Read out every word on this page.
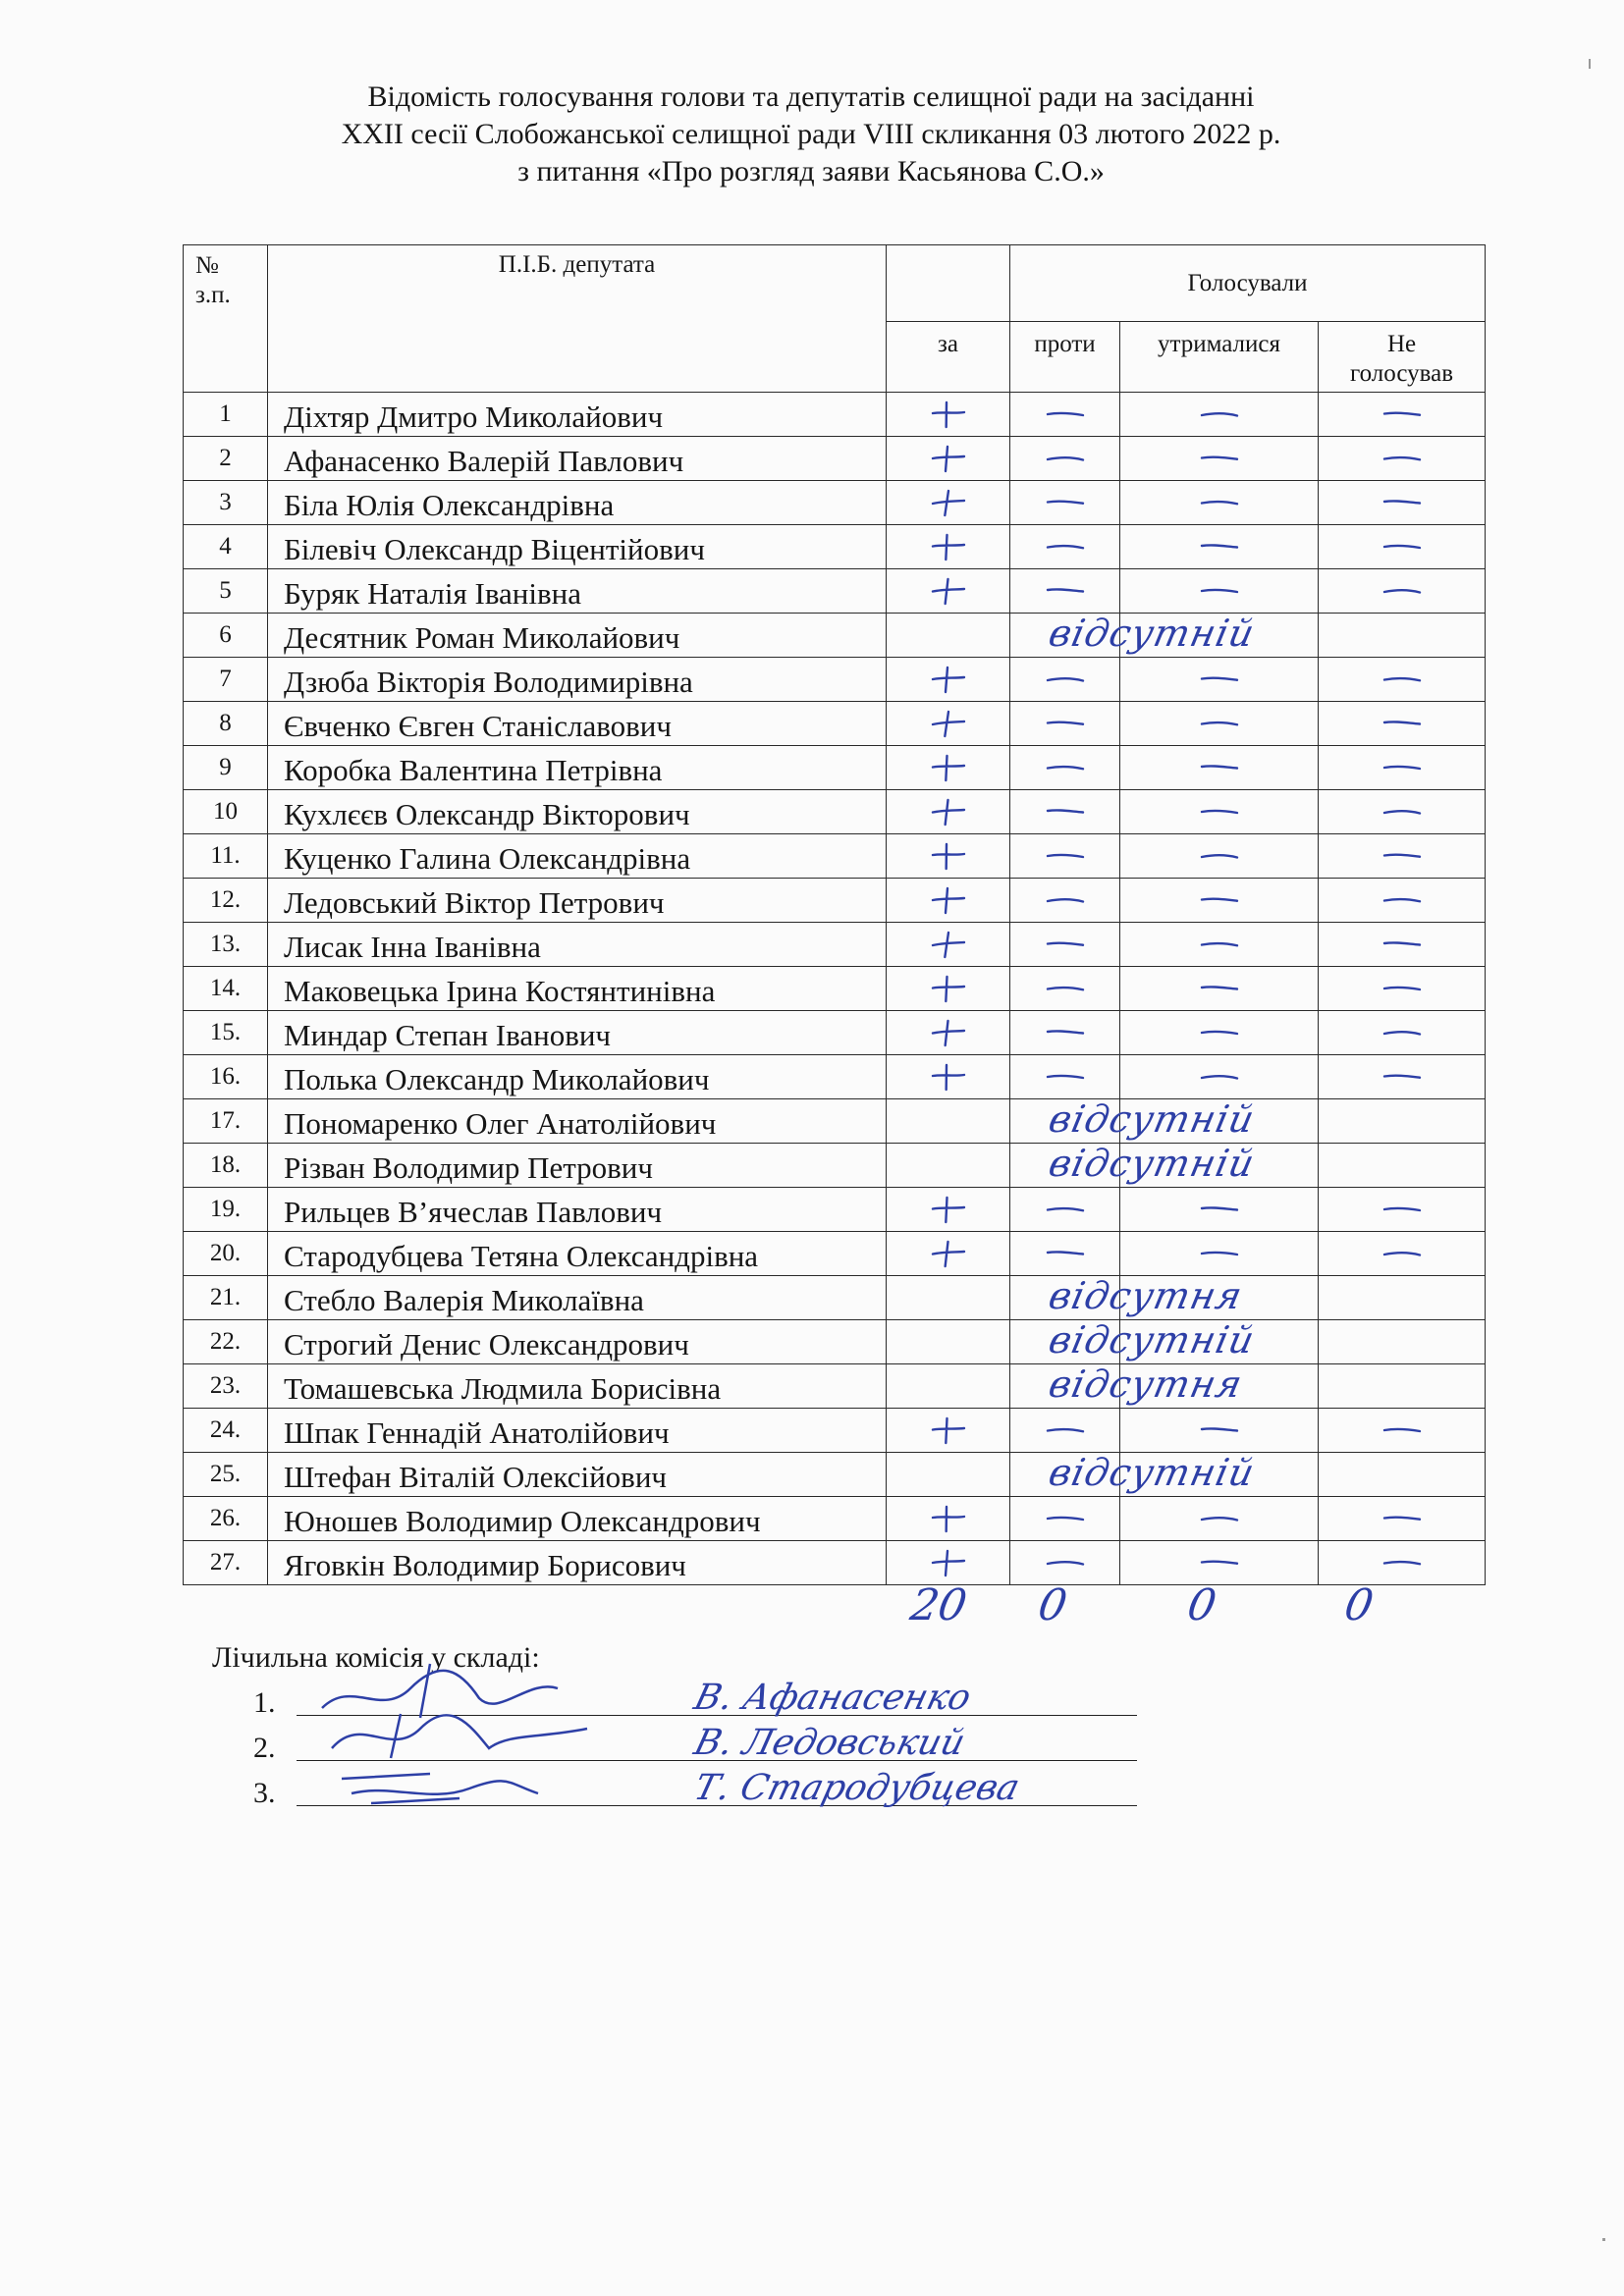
Відомість голосування голови та депутатів селищної ради на засіданні
XXII сесії Слобожанської селищної ради VIII скликання 03 лютого 2022 р.
з питання «Про розгляд заяви Касьянова С.О.»
№
з.п.	П.І.Б. депутата		Голосували		
		за	проти	утрималися	Не
голосував

1	Діхтяр Дмитро Миколайович	

2	Афанасенко Валерій Павлович	

3	Біла Юлія Олександрівна	

4	Білевіч Олександр Віцентійович	

5	Буряк Наталія Іванівна	

6	Десятник Роман Миколайович		відсутній		

7	Дзюба Вікторія Володимирівна	

8	Євченко Євген Станіславович	

9	Коробка Валентина Петрівна	

10	Кухлєєв Олександр Вікторович	

11.	Куценко Галина Олександрівна	

12.	Ледовський Віктор Петрович	

13.	Лисак Інна Іванівна	

14.	Маковецька Ірина Костянтинівна	

15.	Миндар Степан Іванович	

16.	Полька Олександр Миколайович	

17.	Пономаренко Олег Анатолійович		відсутній		

18.	Різван Володимир Петрович		відсутній		

19.	Рильцев В’ячеслав Павлович	

20.	Стародубцева Тетяна Олександрівна	

21.	Стебло Валерія Миколаївна		відсутня		

22.	Строгий Денис Олександрович		відсутній		

23.	Томашевська Людмила Борисівна		відсутня		

24.	Шпак Геннадій Анатолійович	

25.	Штефан Віталій Олексійович		відсутній		

26.	Юношев Володимир Олександрович	

27.	Яговкін Володимир Борисович	

20 0	0	0
Лічильна комісія у складі:
1.	В. Афанасенко
2.	В. Ледовський
3.	Т. Стародубцева
